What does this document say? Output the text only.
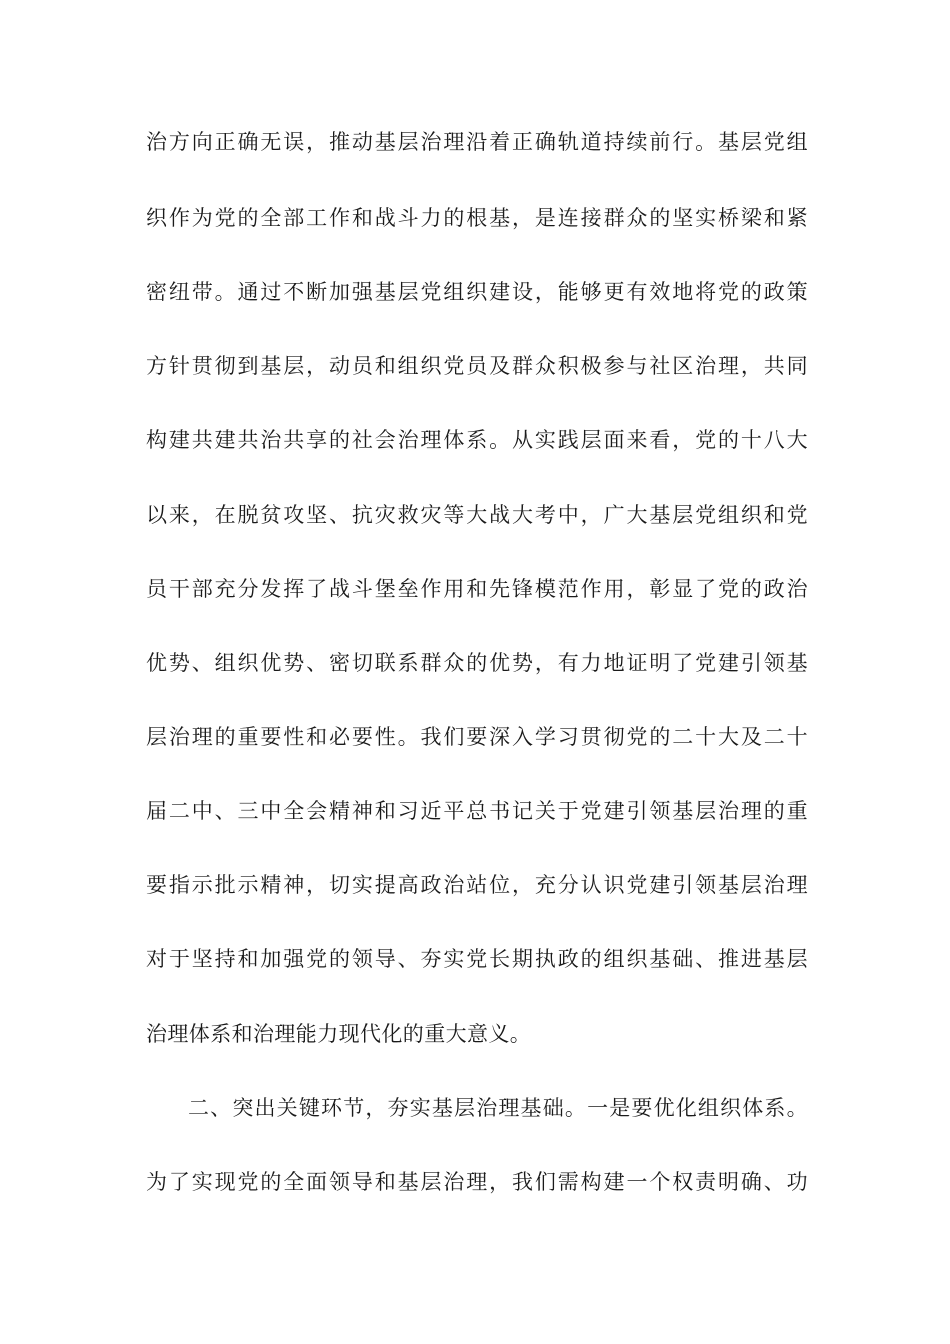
治方向正确无误，推动基层治理沿着正确轨道持续前行。基层党组
织作为党的全部工作和战斗力的根基，是连接群众的坚实桥梁和紧
密纽带。通过不断加强基层党组织建设，能够更有效地将党的政策
方针贯彻到基层，动员和组织党员及群众积极参与社区治理，共同
构建共建共治共享的社会治理体系。从实践层面来看，党的十八大
以来，在脱贫攻坚、抗灾救灾等大战大考中，广大基层党组织和党
员干部充分发挥了战斗堡垒作用和先锋模范作用，彰显了党的政治
优势、组织优势、密切联系群众的优势，有力地证明了党建引领基
层治理的重要性和必要性。我们要深入学习贯彻党的二十大及二十
届二中、三中全会精神和习近平总书记关于党建引领基层治理的重
要指示批示精神，切实提高政治站位，充分认识党建引领基层治理
对于坚持和加强党的领导、夯实党长期执政的组织基础、推进基层
治理体系和治理能力现代化的重大意义。
二、突出关键环节，夯实基层治理基础。一是要优化组织体系。
为了实现党的全面领导和基层治理，我们需构建一个权责明确、功
